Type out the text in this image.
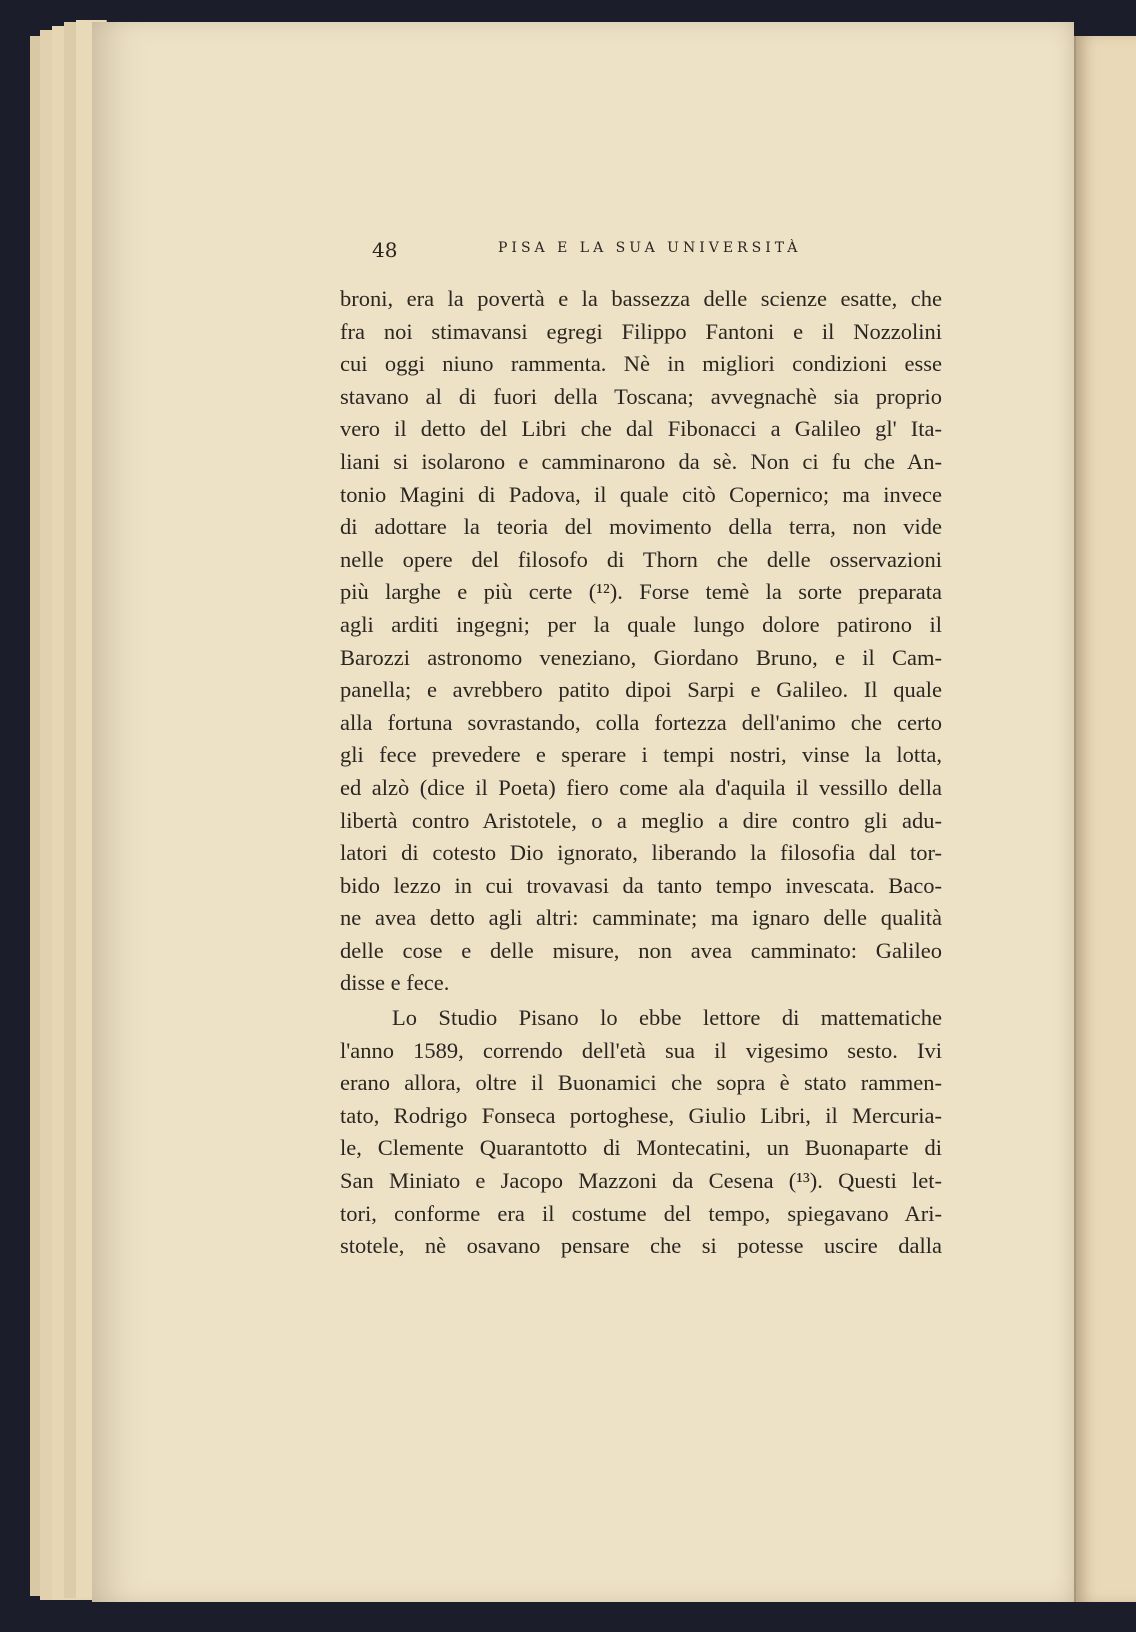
48	PISA E LA SUA UNIVERSITÀ
broni, era la povertà e la bassezza delle scienze esatte, che
fra noi stimavansi egregi Filippo Fantoni e il Nozzolini
cui oggi niuno rammenta. Nè in migliori condizioni esse
stavano al di fuori della Toscana; avvegnachè sia proprio
vero il detto del Libri che dal Fibonacci a Galileo gl' Ita-
liani si isolarono e camminarono da sè. Non ci fu che An-
tonio Magini di Padova, il quale citò Copernico; ma invece
di adottare la teoria del movimento della terra, non vide
nelle opere del filosofo di Thorn che delle osservazioni
più larghe e più certe (¹²). Forse temè la sorte preparata
agli arditi ingegni; per la quale lungo dolore patirono il
Barozzi astronomo veneziano, Giordano Bruno, e il Cam-
panella; e avrebbero patito dipoi Sarpi e Galileo. Il quale
alla fortuna sovrastando, colla fortezza dell'animo che certo
gli fece prevedere e sperare i tempi nostri, vinse la lotta,
ed alzò (dice il Poeta) fiero come ala d'aquila il vessillo della
libertà contro Aristotele, o a meglio a dire contro gli adu-
latori di cotesto Dio ignorato, liberando la filosofia dal tor-
bido lezzo in cui trovavasi da tanto tempo invescata. Baco-
ne avea detto agli altri: camminate; ma ignaro delle qualità
delle cose e delle misure, non avea camminato: Galileo
disse e fece.
Lo Studio Pisano lo ebbe lettore di mattematiche
l'anno 1589, correndo dell'età sua il vigesimo sesto. Ivi
erano allora, oltre il Buonamici che sopra è stato rammen-
tato, Rodrigo Fonseca portoghese, Giulio Libri, il Mercuria-
le, Clemente Quarantotto di Montecatini, un Buonaparte di
San Miniato e Jacopo Mazzoni da Cesena (¹³). Questi let-
tori, conforme era il costume del tempo, spiegavano Ari-
stotele, nè osavano pensare che si potesse uscire dalla
